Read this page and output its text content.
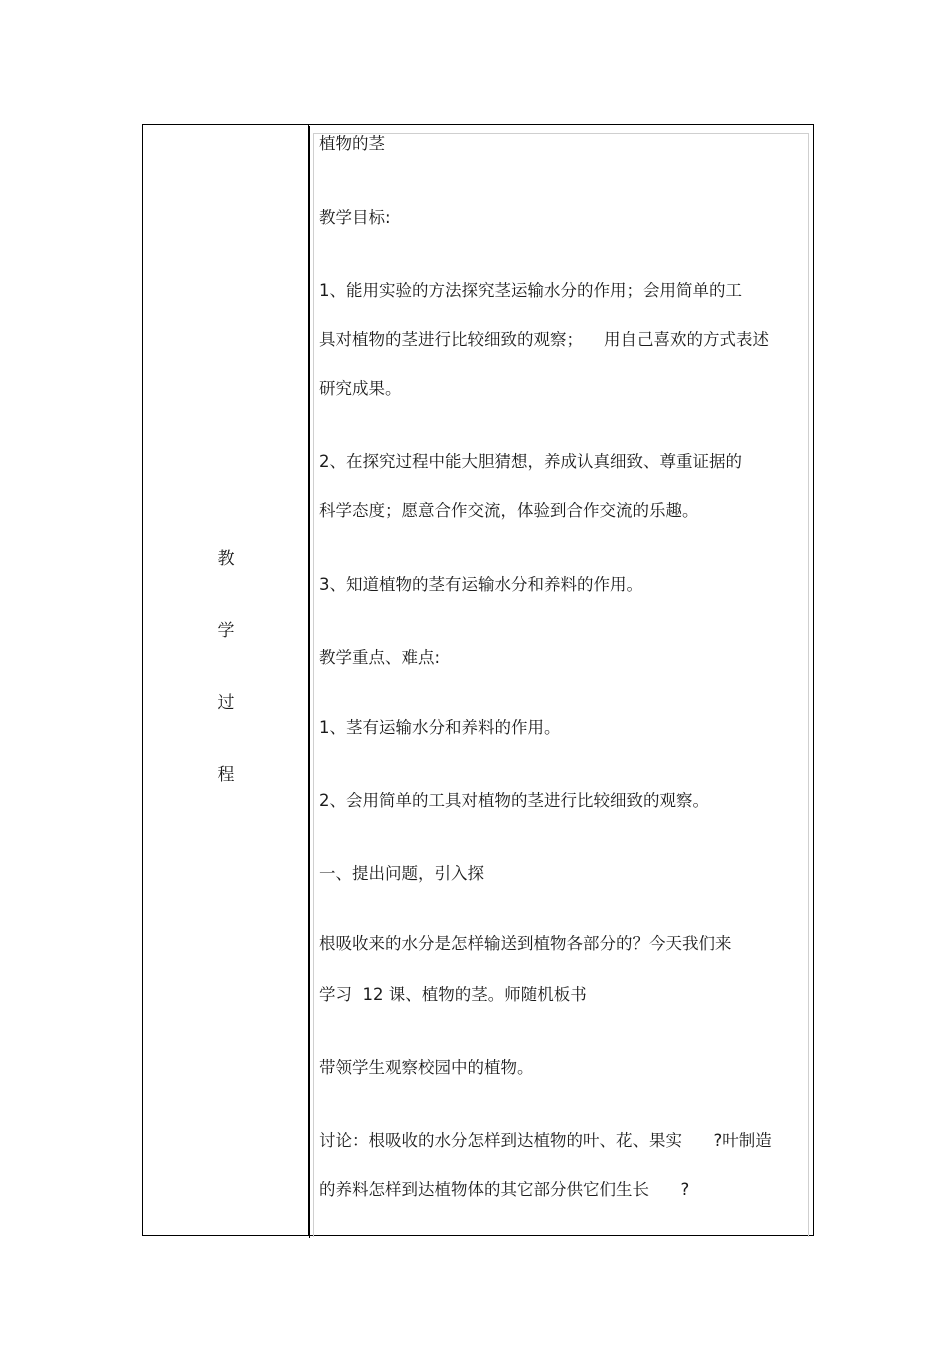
教
学
过
程
植物的茎
教学目标:
1、能用实验的方法探究茎运输水分的作用；会用简单的工
具对植物的茎进行比较细致的观察；    用自己喜欢的方式表述
研究成果。
2、在探究过程中能大胆猜想，养成认真细致、尊重证据的
科学态度；愿意合作交流，体验到合作交流的乐趣。
3、知道植物的茎有运输水分和养料的作用。
教学重点、难点:
1、茎有运输水分和养料的作用。
2、会用简单的工具对植物的茎进行比较细致的观察。
一、提出问题，引入探
根吸收来的水分是怎样输送到植物各部分的？今天我们来
学习  12 课、植物的茎。师随机板书
带领学生观察校园中的植物。
讨论：根吸收的水分怎样到达植物的叶、花、果实      ?叶制造
的养料怎样到达植物体的其它部分供它们生长      ?
